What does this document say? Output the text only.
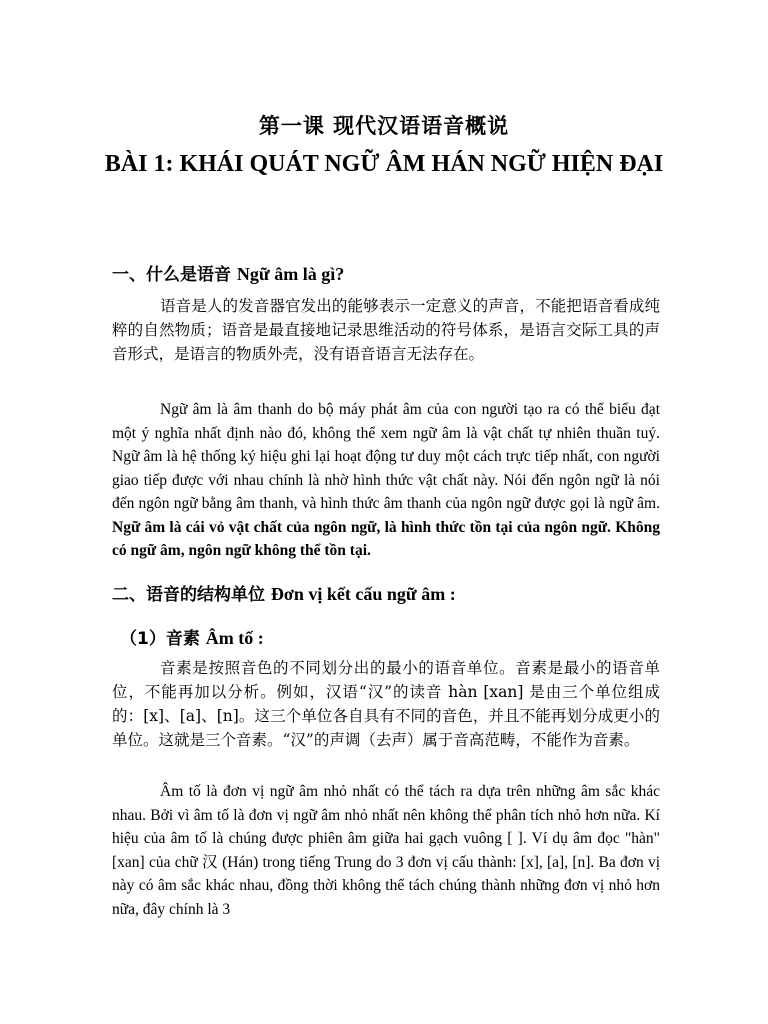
第一课 现代汉语语音概说
BÀI 1: KHÁI QUÁT NGỮ ÂM HÁN NGỮ HIỆN ĐẠI
一、什么是语音 Ngữ âm là gì?

语音是人的发音器官发出的能够表示一定意义的声音，不能把语音看成纯粹的自然物质；语音是最直接地记录思维活动的符号体系，是语言交际工具的声音形式，是语言的物质外壳，没有语音语言无法存在。

Ngữ âm là âm thanh do bộ máy phát âm của con người tạo ra có thể biểu đạt một ý nghĩa nhất định nào đó, không thể xem ngữ âm là vật chất tự nhiên thuần tuý. Ngữ âm là hệ thống ký hiệu ghi lại hoạt động tư duy một cách trực tiếp nhất, con người giao tiếp được với nhau chính là nhờ hình thức vật chất này. Nói đến ngôn ngữ là nói đến ngôn ngữ bằng âm thanh, và hình thức âm thanh của ngôn ngữ được gọi là ngữ âm. Ngữ âm là cái vỏ vật chất của ngôn ngữ, là hình thức tồn tại của ngôn ngữ. Không có ngữ âm, ngôn ngữ không thể tồn tại.

二、语音的结构单位 Đơn vị kết cấu ngữ âm :
（1）音素 Âm tố :

音素是按照音色的不同划分出的最小的语音单位。音素是最小的语音单位，不能再加以分析。例如，汉语“汉”的读音 hàn [xan] 是由三个单位组成的：[x]、[a]、[n]。这三个单位各自具有不同的音色，并且不能再划分成更小的单位。这就是三个音素。“汉”的声调（去声）属于音高范畴，不能作为音素。

Âm tố là đơn vị ngữ âm nhỏ nhất có thể tách ra dựa trên những âm sắc khác nhau. Bởi vì âm tố là đơn vị ngữ âm nhỏ nhất nên không thể phân tích nhỏ hơn nữa. Kí hiệu của âm tố là chúng được phiên âm giữa hai gạch vuông [ ]. Ví dụ âm đọc "hàn" [xan] của chữ 汉 (Hán) trong tiếng Trung do 3 đơn vị cấu thành: [x], [a], [n]. Ba đơn vị này có âm sắc khác nhau, đồng thời không thể tách chúng thành những đơn vị nhỏ hơn nữa, đây chính là 3
